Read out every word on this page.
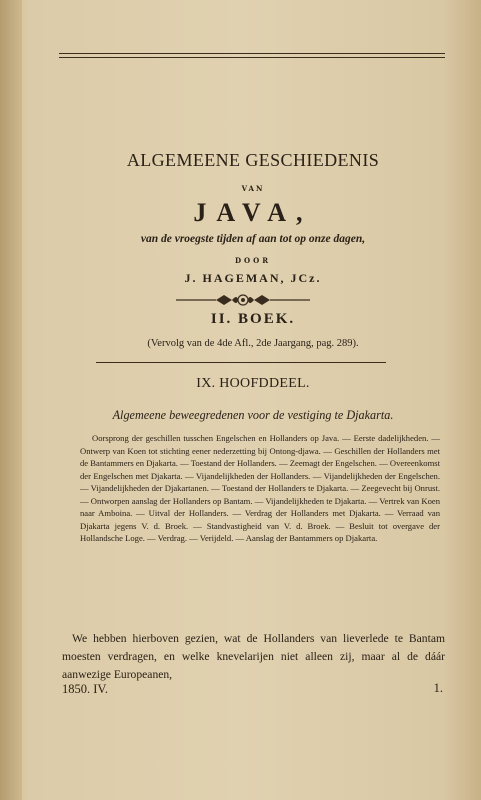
ALGEMEENE GESCHIEDENIS
VAN
JAVA,
van de vroegste tijden af aan tot op onze dagen,
DOOR
J. HAGEMAN, JCz.
II. BOEK.
(Vervolg van de 4de Afl., 2de Jaargang, pag. 289).
IX. HOOFDDEEL.
Algemeene beweegredenen voor de vestiging te Djakarta.
Oorsprong der geschillen tusschen Engelschen en Hollanders op Java. — Eerste dadelijkheden. — Ontwerp van Koen tot stichting eener nederzetting bij Ontong-djawa. — Geschillen der Hollanders met de Bantammers en Djakarta. — Toestand der Hollanders. — Zeemagt der Engelschen. — Overeenkomst der Engelschen met Djakarta. — Vijandelijkheden der Hollanders. — Vijandelijkheden der Engelschen. — Vijandelijkheden der Djakartanen. — Toestand der Hollanders te Djakarta. — Zeegevecht bij Onrust. — Ontworpen aanslag der Hollanders op Bantam. — Vijandelijkheden te Djakarta. — Vertrek van Koen naar Amboina. — Uitval der Hollanders. — Verdrag der Hollanders met Djakarta. — Verraad van Djakarta jegens V. d. Broek. — Standvastigheid van V. d. Broek. — Besluit tot overgave der Hollandsche Loge. — Verdrag. — Verijdeld. — Aanslag der Bantammers op Djakarta.
We hebben hierboven gezien, wat de Hollanders van lieverlede te Bantam moesten verdragen, en welke knevelarijen niet alleen zij, maar al de dáár aanwezige Europeanen,
1850. IV.	1.
